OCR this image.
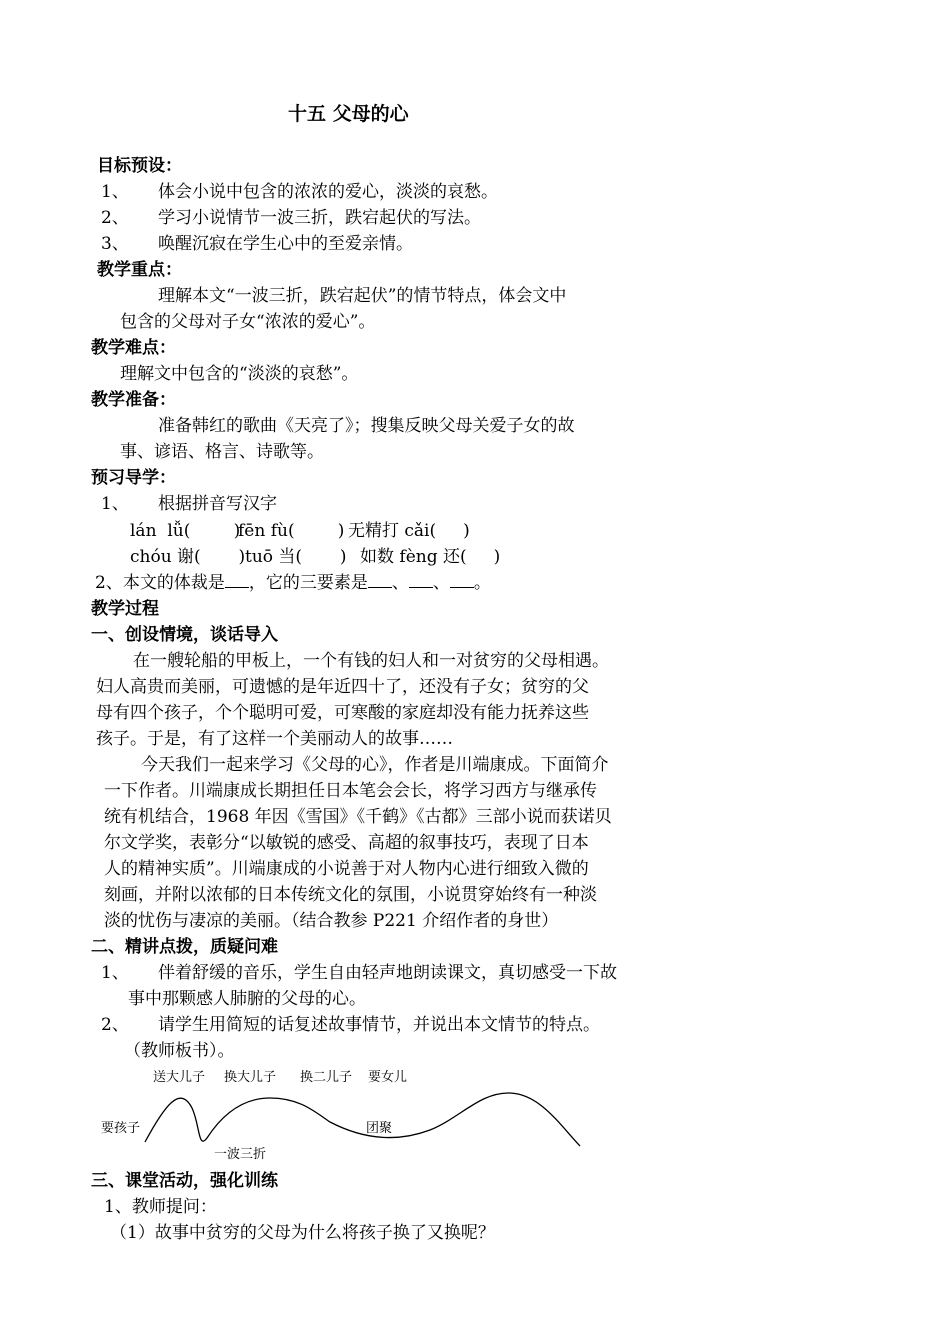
十五 父母的心
目标预设：
1、 体会小说中包含的浓浓的爱心，淡淡的哀愁。
2、 学习小说情节一波三折，跌宕起伏的写法。
3、 唤醒沉寂在学生心中的至爱亲情。
教学重点：
理解本文“一波三折，跌宕起伏”的情节特点，体会文中
包含的父母对子女“浓浓的爱心”。
教学难点：
理解文中包含的“淡淡的哀愁”。
教学准备：
准备韩红的歌曲《天亮了》；搜集反映父母关爱子女的故
事、谚语、格言、诗歌等。
预习导学：
1、 根据拼音写汉字
lán  lǚ(        )
fēn fù(        ) 无精打 cǎi(     )
chóu 谢(       ) tuō 当(       ) 如数 fèng 还(     )
2、本文的体裁是 ，它的三要素是 、 、 。
教学过程
一、创设情境，谈话导入
在一艘轮船的甲板上，一个有钱的妇人和一对贫穷的父母相遇。
妇人高贵而美丽，可遗憾的是年近四十了，还没有子女；贫穷的父
母有四个孩子，个个聪明可爱，可寒酸的家庭却没有能力抚养这些
孩子。于是，有了这样一个美丽动人的故事……
今天我们一起来学习《父母的心》，作者是川端康成。下面简介
一下作者。川端康成长期担任日本笔会会长，将学习西方与继承传
统有机结合，1968 年因《雪国》《千鹤》《古都》三部小说而获诺贝
尔文学奖，表彰分“以敏锐的感受、高超的叙事技巧，表现了日本
人的精神实质”。川端康成的小说善于对人物内心进行细致入微的
刻画，并附以浓郁的日本传统文化的氛围，小说贯穿始终有一种淡
淡的忧伤与凄凉的美丽。（结合教参 P221 介绍作者的身世）
二、精讲点拨，质疑问难
1、 伴着舒缓的音乐，学生自由轻声地朗读课文，真切感受一下故
事中那颗感人肺腑的父母的心。
2、 请学生用简短的话复述故事情节，并说出本文情节的特点。
（教师板书）。
送大儿子 换大儿子 换二儿子 要女儿
要孩子	团聚
一波三折
三、课堂活动，强化训练
1、教师提问：
（1）故事中贫穷的父母为什么将孩子换了又换呢？
